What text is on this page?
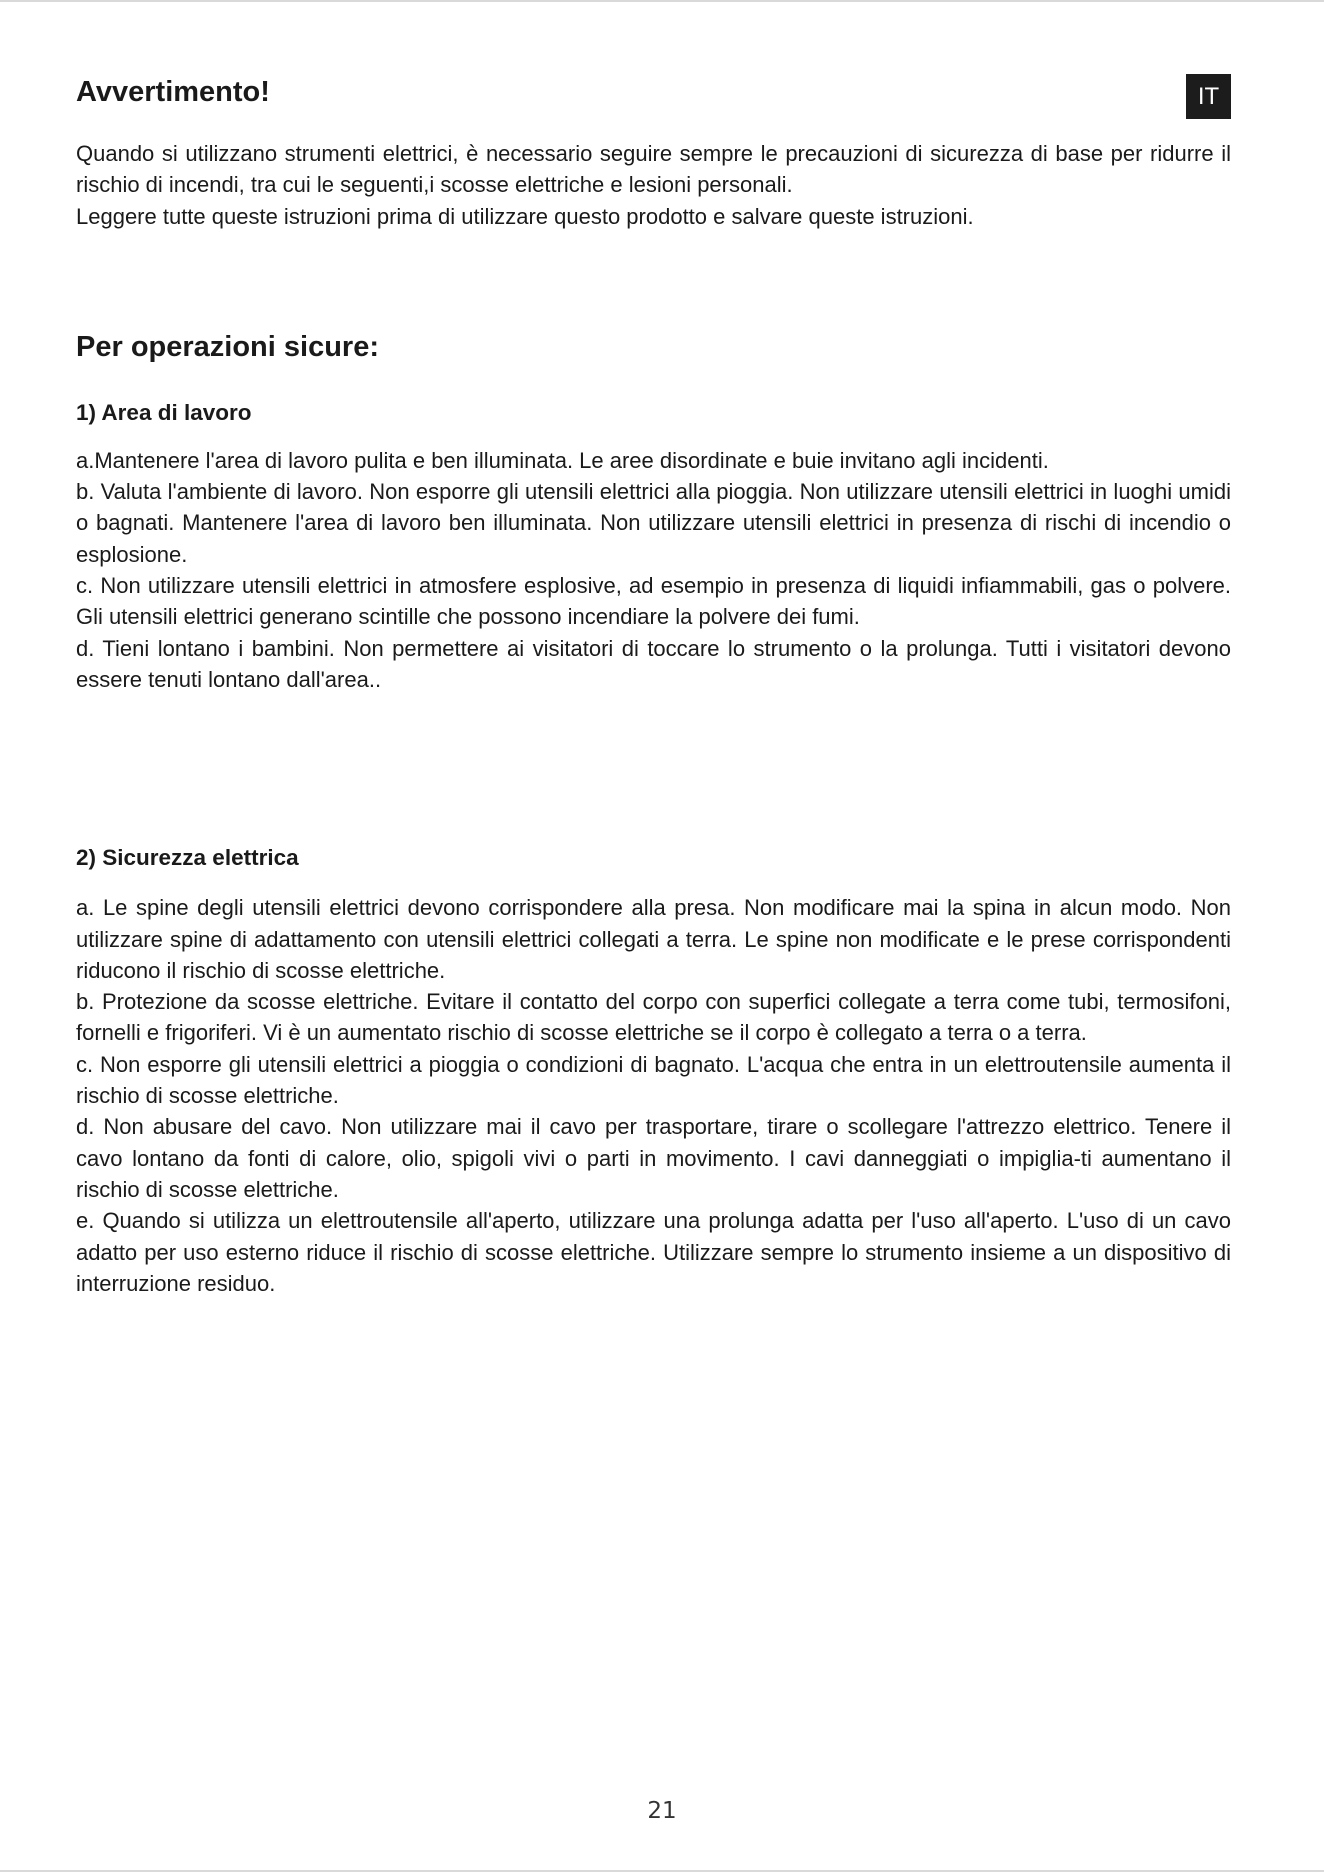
IT
Avvertimento!

Quando si utilizzano strumenti elettrici, è necessario seguire sempre le precauzioni di sicurezza di base per ridurre il rischio di incendi, tra cui le seguenti,i scosse elettriche e lesioni personali.

Leggere tutte queste istruzioni prima di utilizzare questo prodotto e salvare queste istruzioni.

Per operazioni sicure:
1) Area di lavoro

a.Mantenere l'area di lavoro pulita e ben illuminata. Le aree disordinate e buie invitano agli incidenti.

b. Valuta l'ambiente di lavoro. Non esporre gli utensili elettrici alla pioggia. Non utilizzare utensili elettrici in luoghi umidi o bagnati. Mantenere l'area di lavoro ben illuminata. Non utilizzare utensili elettrici in presenza di rischi di incendio o esplosione.

c. Non utilizzare utensili elettrici in atmosfere esplosive, ad esempio in presenza di liquidi infiammabili, gas o polvere. Gli utensili elettrici generano scintille che possono incendiare la polvere dei fumi.

d. Tieni lontano i bambini. Non permettere ai visitatori di toccare lo strumento o la prolunga. Tutti i visitatori devono essere tenuti lontano dall'area..

2) Sicurezza elettrica

a. Le spine degli utensili elettrici devono corrispondere alla presa. Non modificare mai la spina in alcun modo. Non utilizzare spine di adattamento con utensili elettrici collegati a terra. Le spine non modificate e le prese corrispondenti riducono il rischio di scosse elettriche.

b. Protezione da scosse elettriche. Evitare il contatto del corpo con superfici collegate a terra come tubi, termosifoni, fornelli e frigoriferi. Vi è un aumentato rischio di scosse elettriche se il corpo è collegato a terra o a terra.

c. Non esporre gli utensili elettrici a pioggia o condizioni di bagnato. L'acqua che entra in un elettroutensile aumenta il rischio di scosse elettriche.

d. Non abusare del cavo. Non utilizzare mai il cavo per trasportare, tirare o scollegare l'attrezzo elettrico. Tenere il cavo lontano da fonti di calore, olio, spigoli vivi o parti in movimento. I cavi danneggiati o impiglia-ti aumentano il rischio di scosse elettriche.

e. Quando si utilizza un elettroutensile all'aperto, utilizzare una prolunga adatta per l'uso all'aperto. L'uso di un cavo adatto per uso esterno riduce il rischio di scosse elettriche. Utilizzare sempre lo strumento insieme a un dispositivo di interruzione residuo.

21
